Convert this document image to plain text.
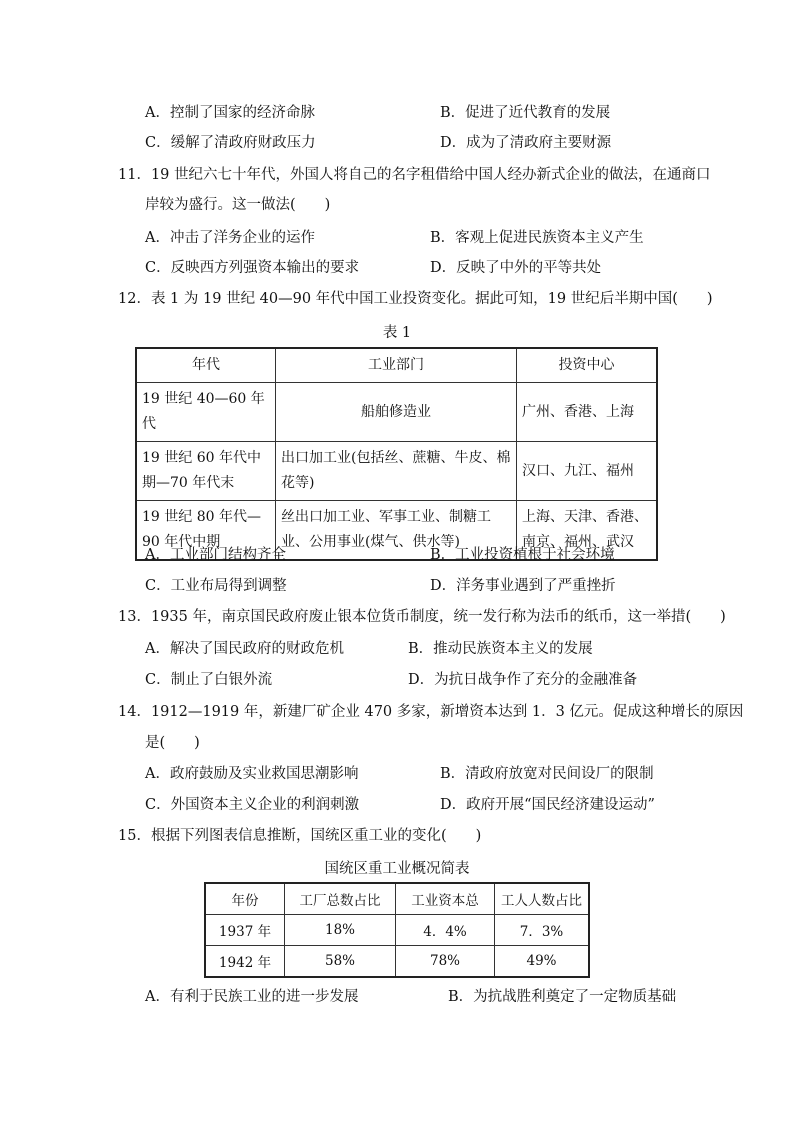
A．控制了国家的经济命脉	B．促进了近代教育的发展
C．缓解了清政府财政压力	D．成为了清政府主要财源
11．19 世纪六七十年代，外国人将自己的名字租借给中国人经办新式企业的做法，在通商口
岸较为盛行。这一做法(　　)
A．冲击了洋务企业的运作	B．客观上促进民族资本主义产生
C．反映西方列强资本输出的要求	D．反映了中外的平等共处
12．表 1 为 19 世纪 40—90 年代中国工业投资变化。据此可知，19 世纪后半期中国(　　)
表 1
年代	工业部门	投资中心
19 世纪 40—60 年代	船舶修造业	广州、香港、上海
19 世纪 60 年代中期—70 年代末	出口加工业(包括丝、蔗糖、牛皮、棉花等)	汉口、九江、福州
19 世纪 80 年代—90 年代中期	丝出口加工业、军事工业、制糖工业、公用事业(煤气、供水等)	上海、天津、香港、南京、福州、武汉
A．工业部门结构齐全	B．工业投资植根于社会环境
C．工业布局得到调整	D．洋务事业遇到了严重挫折
13．1935 年，南京国民政府废止银本位货币制度，统一发行称为法币的纸币，这一举措(　　)
A．解决了国民政府的财政危机	B．推动民族资本主义的发展
C．制止了白银外流	D．为抗日战争作了充分的金融准备
14．1912—1919 年，新建厂矿企业 470 多家，新增资本达到 1．3 亿元。促成这种增长的原因
是(　　)
A．政府鼓励及实业救国思潮影响	B．清政府放宽对民间设厂的限制
C．外国资本主义企业的利润刺激	D．政府开展“国民经济建设运动”
15．根据下列图表信息推断，国统区重工业的变化(　　)
国统区重工业概况简表
年份	工厂总数占比	工业资本总	工人人数占比
1937 年	18%	4．4%	7．3%
1942 年	58%	78%	49%
A．有利于民族工业的进一步发展	B．为抗战胜利奠定了一定物质基础
